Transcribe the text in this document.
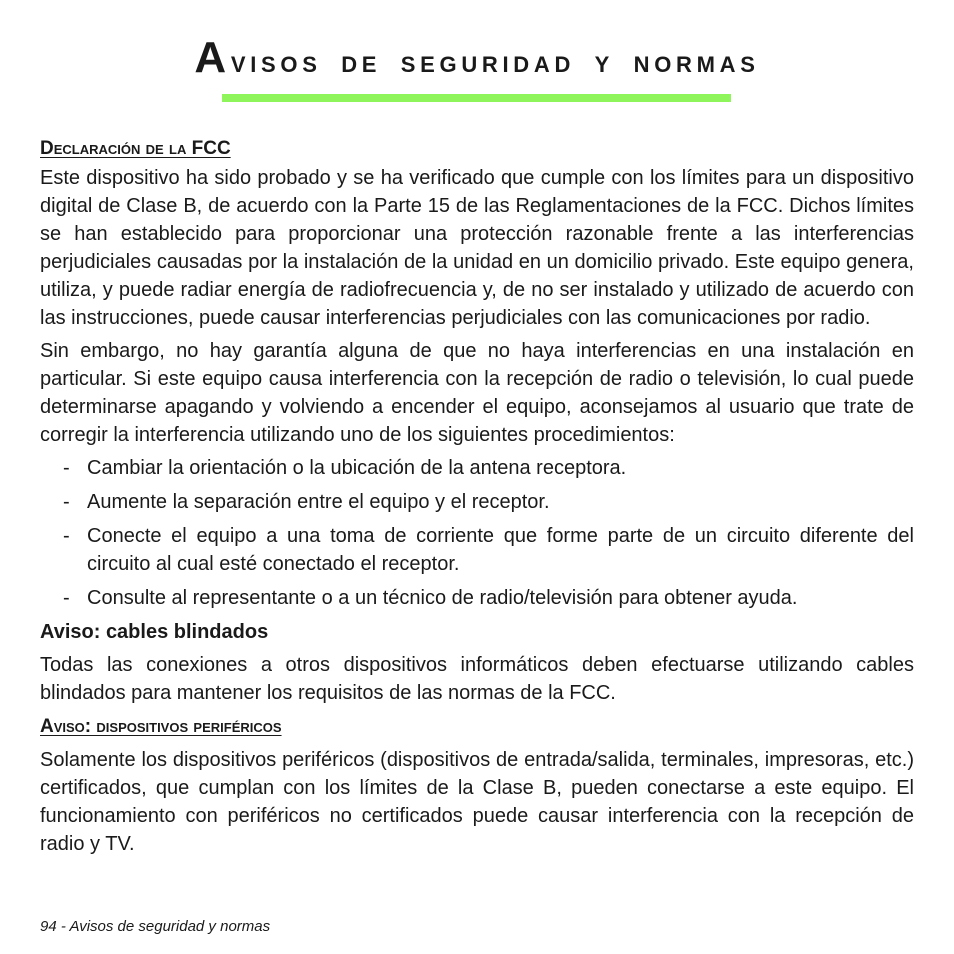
Avisos de seguridad y normas
Declaración de la FCC

Este dispositivo ha sido probado y se ha verificado que cumple con los límites para un dispositivo digital de Clase B, de acuerdo con la Parte 15 de las Reglamentaciones de la FCC. Dichos límites se han establecido para proporcionar una protección razonable frente a las interferencias perjudiciales causadas por la instalación de la unidad en un domicilio privado. Este equipo genera, utiliza, y puede radiar energía de radiofrecuencia y, de no ser instalado y utilizado de acuerdo con las instrucciones, puede causar interferencias perjudiciales con las comunicaciones por radio.

Sin embargo, no hay garantía alguna de que no haya interferencias en una instalación en particular. Si este equipo causa interferencia con la recepción de radio o televisión, lo cual puede determinarse apagando y volviendo a encender el equipo, aconsejamos al usuario que trate de corregir la interferencia utilizando uno de los siguientes procedimientos:

- Cambiar la orientación o la ubicación de la antena receptora.
- Aumente la separación entre el equipo y el receptor.
- Conecte el equipo a una toma de corriente que forme parte de un circuito diferente del circuito al cual esté conectado el receptor.
- Consulte al representante o a un técnico de radio/televisión para obtener ayuda.
Aviso: cables blindados

Todas las conexiones a otros dispositivos informáticos deben efectuarse utilizando cables blindados para mantener los requisitos de las normas de la FCC.

Aviso: dispositivos periféricos

Solamente los dispositivos periféricos (dispositivos de entrada/salida, terminales, impresoras, etc.) certificados, que cumplan con los límites de la Clase B, pueden conectarse a este equipo. El funcionamiento con periféricos no certificados puede causar interferencia con la recepción de radio y TV.

94 - Avisos de seguridad y normas
